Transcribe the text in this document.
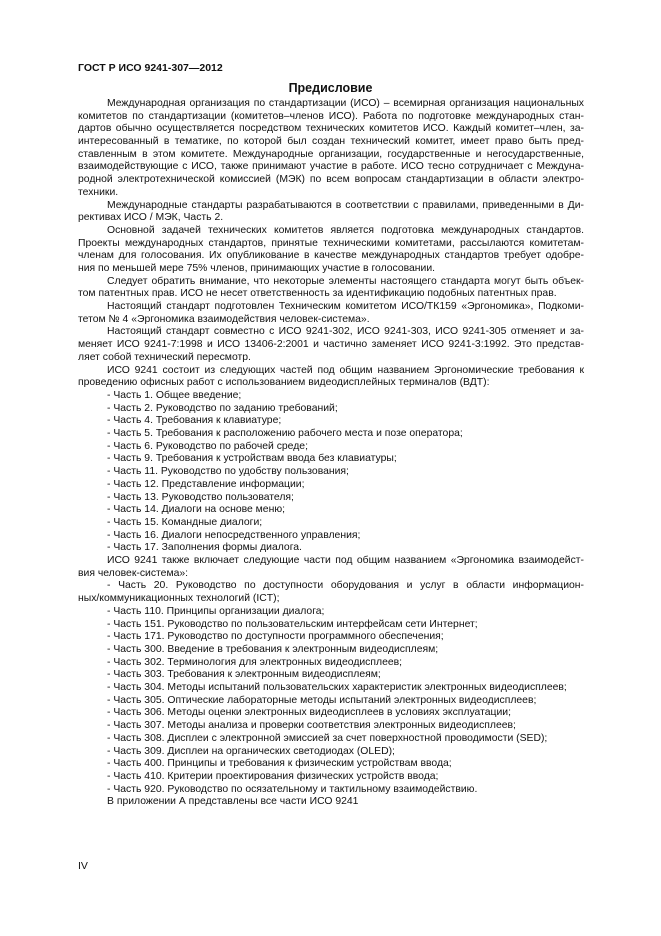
ГОСТ Р ИСО 9241-307—2012
Предисловие
Международная организация по стандартизации (ИСО) – всемирная организация национальных
комитетов по стандартизации (комитетов–членов ИСО). Работа по подготовке международных стан-
дартов обычно осуществляется посредством технических комитетов ИСО. Каждый комитет–член, за-
интересованный в тематике, по которой был создан технический комитет, имеет право быть пред-
ставленным в этом комитете. Международные организации, государственные и негосударственные,
взаимодействующие с ИСО, также принимают участие в работе. ИСО тесно сотрудничает с Междуна-
родной электротехнической комиссией (МЭК) по всем вопросам стандартизации в области электро-
техники.
Международные стандарты разрабатываются в соответствии с правилами, приведенными в Ди-
рективах ИСО / МЭК, Часть 2.
Основной задачей технических комитетов является подготовка международных стандартов.
Проекты международных стандартов, принятые техническими комитетами, рассылаются комитетам-
членам для голосования. Их опубликование в качестве международных стандартов требует одобре-
ния по меньшей мере 75% членов, принимающих участие в голосовании.
Следует обратить внимание, что некоторые элементы настоящего стандарта могут быть объек-
том патентных прав. ИСО не несет ответственность за идентификацию подобных патентных прав.
Настоящий стандарт подготовлен Техническим комитетом ИСО/ТК159 «Эргономика», Подкоми-
тетом № 4 «Эргономика взаимодействия человек-система».
Настоящий стандарт совместно с ИСО 9241-302, ИСО 9241-303, ИСО 9241-305 отменяет и за-
меняет ИСО 9241-7:1998 и ИСО 13406-2:2001 и частично заменяет ИСО 9241-3:1992. Это представ-
ляет собой технический пересмотр.
ИСО 9241 состоит из следующих частей под общим названием Эргономические требования к
проведению офисных работ с использованием видеодисплейных терминалов (ВДТ):
- Часть 1. Общее введение;
- Часть 2. Руководство по заданию требований;
- Часть 4. Требования к клавиатуре;
- Часть 5. Требования к расположению рабочего места и позе оператора;
- Часть 6. Руководство по рабочей среде;
- Часть 9. Требования к устройствам ввода без клавиатуры;
- Часть 11. Руководство по удобству пользования;
- Часть 12. Представление информации;
- Часть 13. Руководство пользователя;
- Часть 14. Диалоги на основе меню;
- Часть 15. Командные диалоги;
- Часть 16. Диалоги непосредственного управления;
- Часть 17. Заполнения формы диалога.
ИСО 9241 также включает следующие части под общим названием «Эргономика взаимодейст-
вия человек-система»:
- Часть 20. Руководство по доступности оборудования и услуг в области информацион-
ных/коммуникационных технологий (ICT);
- Часть 110. Принципы организации диалога;
- Часть 151. Руководство по пользовательским интерфейсам сети Интернет;
- Часть 171. Руководство по доступности программного обеспечения;
- Часть 300. Введение в требования к электронным видеодисплеям;
- Часть 302. Терминология для электронных видеодисплеев;
- Часть 303. Требования к электронным видеодисплеям;
- Часть 304. Методы испытаний пользовательских характеристик электронных видеодисплеев;
- Часть 305. Оптические лабораторные методы испытаний электронных видеодисплеев;
- Часть 306. Методы оценки электронных видеодисплеев в условиях эксплуатации;
- Часть 307. Методы анализа и проверки соответствия электронных видеодисплеев;
- Часть 308. Дисплеи с электронной эмиссией за счет поверхностной проводимости (SED);
- Часть 309. Дисплеи на органических светодиодах (OLED);
- Часть 400. Принципы и требования к физическим устройствам ввода;
- Часть 410. Критерии проектирования физических устройств ввода;
- Часть 920. Руководство по осязательному и тактильному взаимодействию.
В приложении А представлены все части ИСО 9241
IV
